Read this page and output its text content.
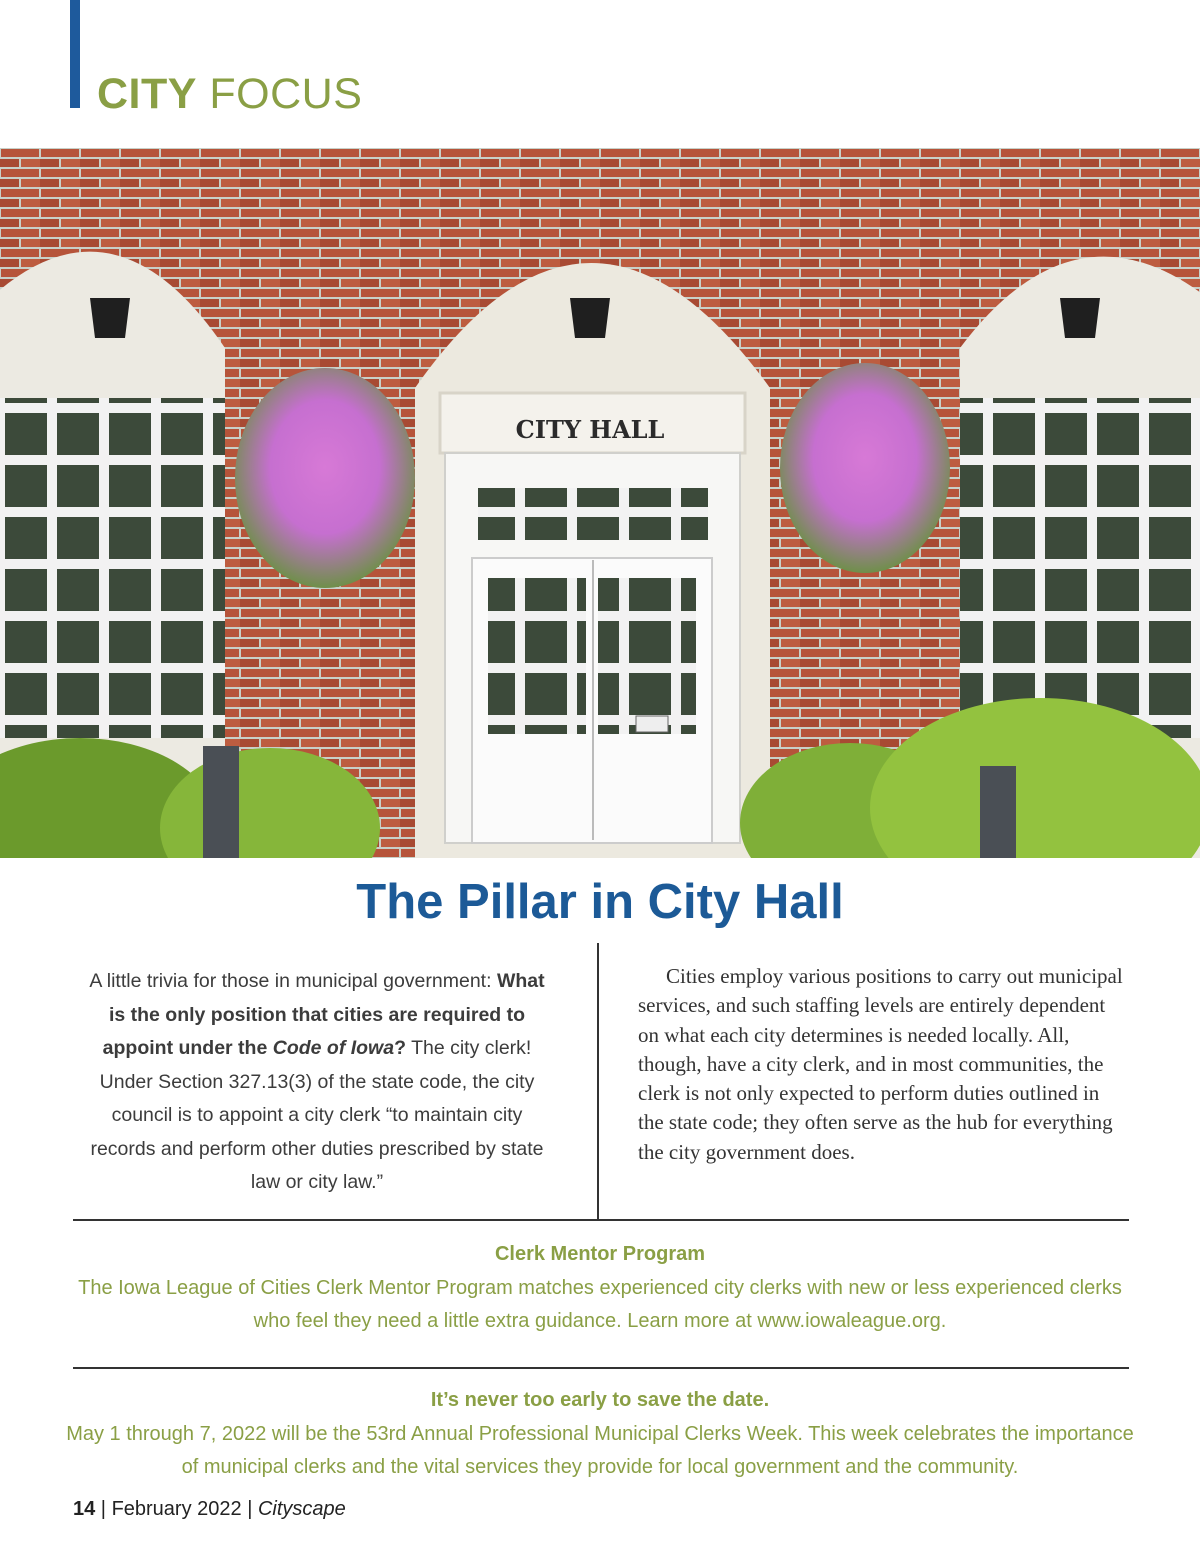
CITY FOCUS
CITY HALL
The Pillar in City Hall
A little trivia for those in municipal government: What is the only position that cities are required to appoint under the Code of Iowa? The city clerk! Under Section 327.13(3) of the state code, the city council is to appoint a city clerk “to maintain city records and perform other duties prescribed by state law or city law.”
Cities employ various positions to carry out municipal services, and such staffing levels are entirely dependent on what each city determines is needed locally. All, though, have a city clerk, and in most communities, the clerk is not only expected to perform duties outlined in the state code; they often serve as the hub for everything the city government does.
Clerk Mentor Program
The Iowa League of Cities Clerk Mentor Program matches experienced city clerks with new or less experienced clerks who feel they need a little extra guidance. Learn more at www.iowaleague.org.
It’s never too early to save the date.
May 1 through 7, 2022 will be the 53rd Annual Professional Municipal Clerks Week. This week celebrates the importance of municipal clerks and the vital services they provide for local government and the community.
14 | February 2022 | Cityscape
